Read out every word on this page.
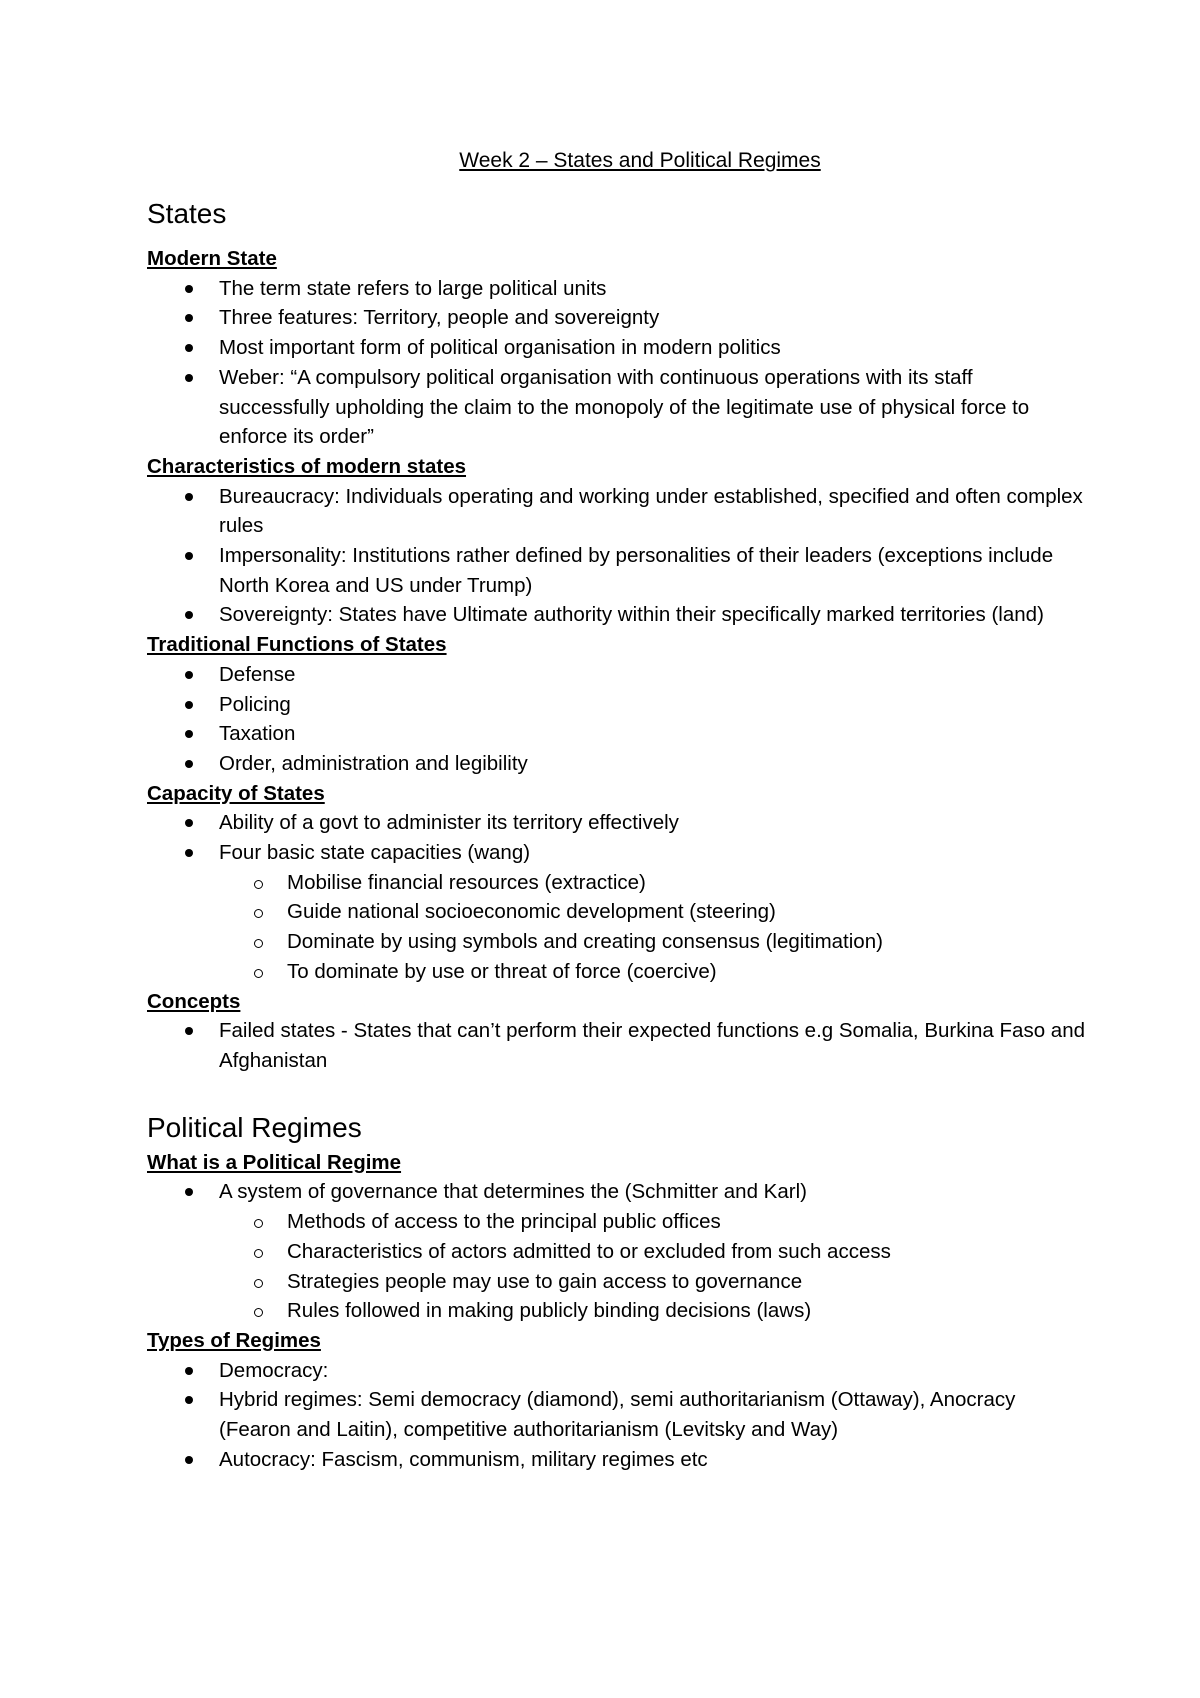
Week 2 – States and Political Regimes
States
Modern State
The term state refers to large political units
Three features: Territory, people and sovereignty
Most important form of political organisation in modern politics
Weber: “A compulsory political organisation with continuous operations with its staff successfully upholding the claim to the monopoly of the legitimate use of physical force to enforce its order”
Characteristics of modern states
Bureaucracy: Individuals operating and working under established, specified and often complex rules
Impersonality: Institutions rather defined by personalities of their leaders (exceptions include North Korea and US under Trump)
Sovereignty: States have Ultimate authority within their specifically marked territories (land)
Traditional Functions of States
Defense
Policing
Taxation
Order, administration and legibility
Capacity of States
Ability of a govt to administer its territory effectively
Four basic state capacities (wang)
Mobilise financial resources (extractice)
Guide national socioeconomic development (steering)
Dominate by using symbols and creating consensus (legitimation)
To dominate by use or threat of force (coercive)
Concepts
Failed states - States that can’t perform their expected functions e.g Somalia, Burkina Faso and Afghanistan
Political Regimes
What is a Political Regime
A system of governance that determines the (Schmitter and Karl)
Methods of access to the principal public offices
Characteristics of actors admitted to or excluded from such access
Strategies people may use to gain access to governance
Rules followed in making publicly binding decisions (laws)
Types of Regimes
Democracy:
Hybrid regimes: Semi democracy (diamond), semi authoritarianism (Ottaway), Anocracy (Fearon and Laitin), competitive authoritarianism (Levitsky and Way)
Autocracy: Fascism, communism, military regimes etc
